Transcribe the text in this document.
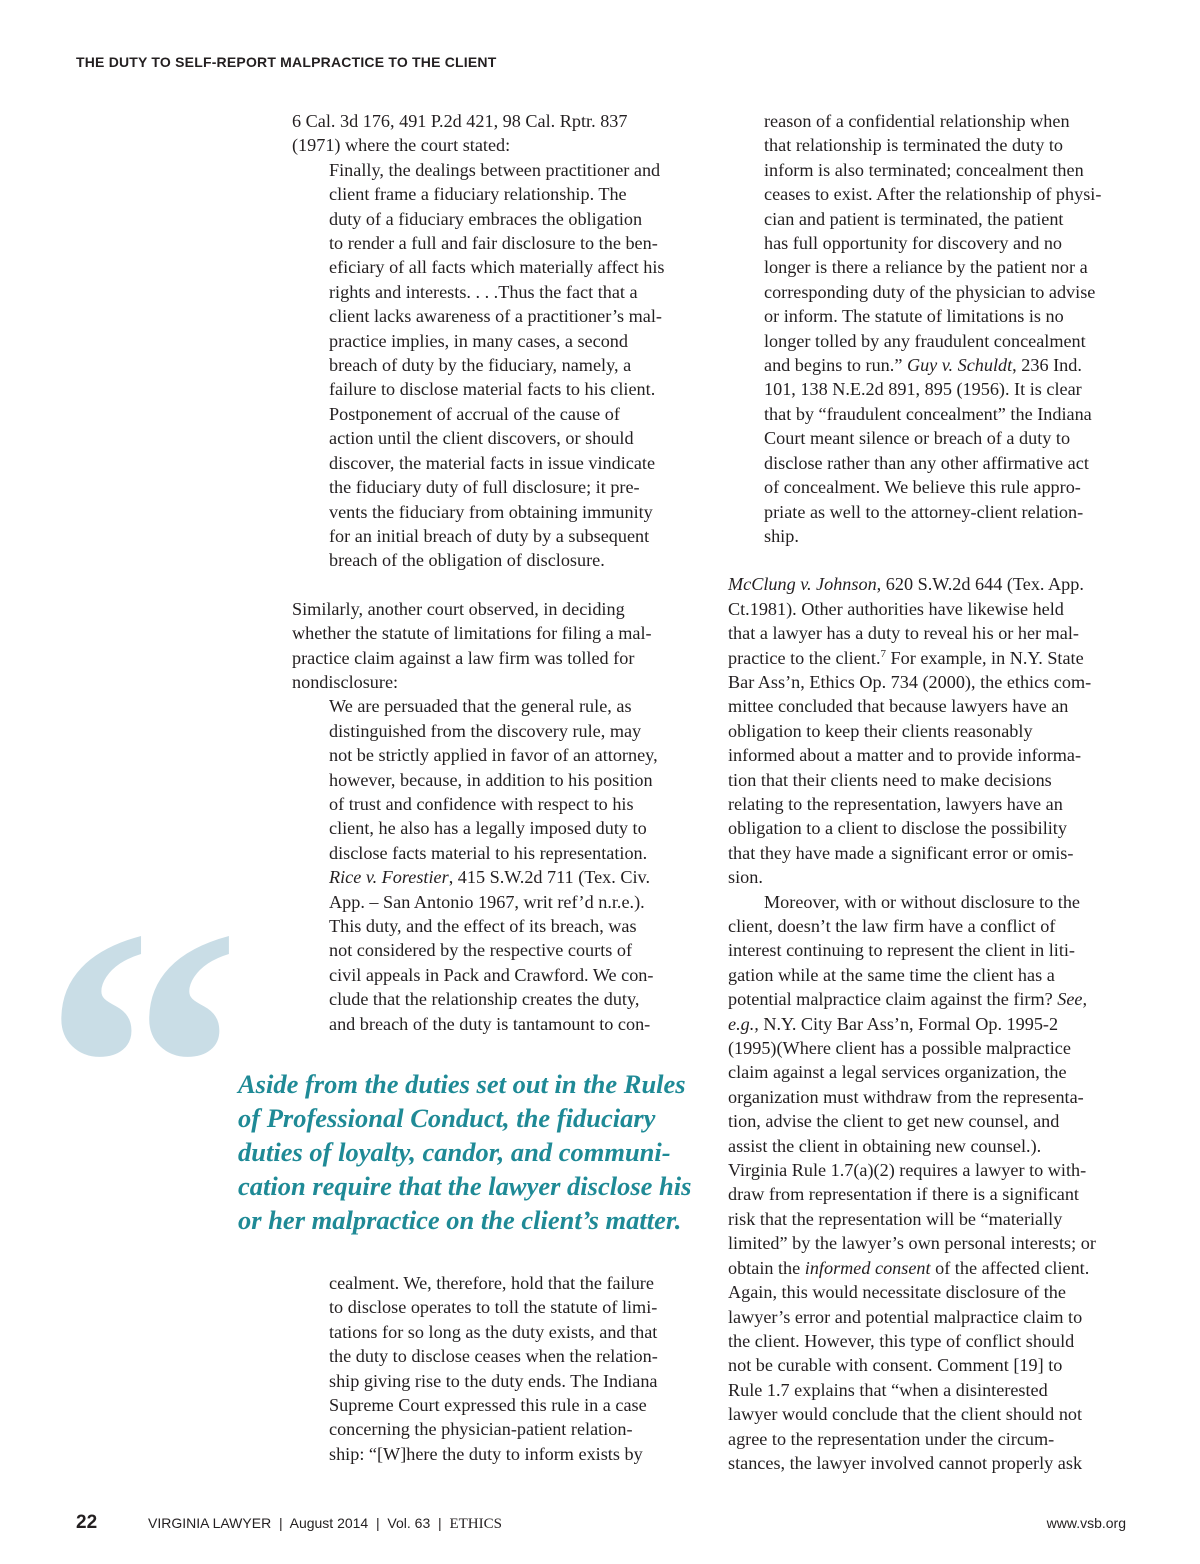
THE DUTY TO SELF-REPORT MALPRACTICE TO THE CLIENT

6 Cal. 3d 176, 491 P.2d 421, 98 Cal. Rptr. 837
(1971) where the court stated:

Finally, the dealings between practitioner and
client frame a fiduciary relationship. The
duty of a fiduciary embraces the obligation
to render a full and fair disclosure to the ben-
eficiary of all facts which materially affect his
rights and interests. . . .Thus the fact that a
client lacks awareness of a practitioner’s mal-
practice implies, in many cases, a second
breach of duty by the fiduciary, namely, a
failure to disclose material facts to his client.
Postponement of accrual of the cause of
action until the client discovers, or should
discover, the material facts in issue vindicate
the fiduciary duty of full disclosure; it pre-
vents the fiduciary from obtaining immunity
for an initial breach of duty by a subsequent
breach of the obligation of disclosure.

Similarly, another court observed, in deciding
whether the statute of limitations for filing a mal-
practice claim against a law firm was tolled for
nondisclosure:

We are persuaded that the general rule, as
distinguished from the discovery rule, may
not be strictly applied in favor of an attorney,
however, because, in addition to his position
of trust and confidence with respect to his
client, he also has a legally imposed duty to
disclose facts material to his representation.
Rice v. Forestier, 415 S.W.2d 711 (Tex. Civ.
App. – San Antonio 1967, writ ref’d n.r.e.).
This duty, and the effect of its breach, was
not considered by the respective courts of
civil appeals in Pack and Crawford. We con-
clude that the relationship creates the duty,
and breach of the duty is tantamount to con-

“
Aside from the duties set out in the Rules
of Professional Conduct, the fiduciary
duties of loyalty, candor, and communi-
cation require that the lawyer disclose his
or her malpractice on the client’s matter.

cealment. We, therefore, hold that the failure
to disclose operates to toll the statute of limi-
tations for so long as the duty exists, and that
the duty to disclose ceases when the relation-
ship giving rise to the duty ends. The Indiana
Supreme Court expressed this rule in a case
concerning the physician-patient relation-
ship: “[W]here the duty to inform exists by

reason of a confidential relationship when
that relationship is terminated the duty to
inform is also terminated; concealment then
ceases to exist. After the relationship of physi-
cian and patient is terminated, the patient
has full opportunity for discovery and no
longer is there a reliance by the patient nor a
corresponding duty of the physician to advise
or inform. The statute of limitations is no
longer tolled by any fraudulent concealment
and begins to run.” Guy v. Schuldt, 236 Ind.
101, 138 N.E.2d 891, 895 (1956). It is clear
that by “fraudulent concealment” the Indiana
Court meant silence or breach of a duty to
disclose rather than any other affirmative act
of concealment. We believe this rule appro-
priate as well to the attorney-client relation-
ship.

McClung v. Johnson, 620 S.W.2d 644 (Tex. App.
Ct.1981). Other authorities have likewise held
that a lawyer has a duty to reveal his or her mal-
practice to the client.$^7$ For example, in N.Y. State
Bar Ass’n, Ethics Op. 734 (2000), the ethics com-
mittee concluded that because lawyers have an
obligation to keep their clients reasonably
informed about a matter and to provide informa-
tion that their clients need to make decisions
relating to the representation, lawyers have an
obligation to a client to disclose the possibility
that they have made a significant error or omis-
sion.

Moreover, with or without disclosure to the
client, doesn’t the law firm have a conflict of
interest continuing to represent the client in liti-
gation while at the same time the client has a
potential malpractice claim against the firm? See,
e.g., N.Y. City Bar Ass’n, Formal Op. 1995-2
(1995)(Where client has a possible malpractice
claim against a legal services organization, the
organization must withdraw from the representa-
tion, advise the client to get new counsel, and
assist the client in obtaining new counsel.).
Virginia Rule 1.7(a)(2) requires a lawyer to with-
draw from representation if there is a significant
risk that the representation will be “materially
limited” by the lawyer’s own personal interests; or
obtain the informed consent of the affected client.
Again, this would necessitate disclosure of the
lawyer’s error and potential malpractice claim to
the client. However, this type of conflict should
not be curable with consent. Comment [19] to
Rule 1.7 explains that “when a disinterested
lawyer would conclude that the client should not
agree to the representation under the circum-
stances, the lawyer involved cannot properly ask

22	VIRGINIA LAWYER  |  August 2014  |  Vol. 63  |  ETHICS	www.vsb.org
